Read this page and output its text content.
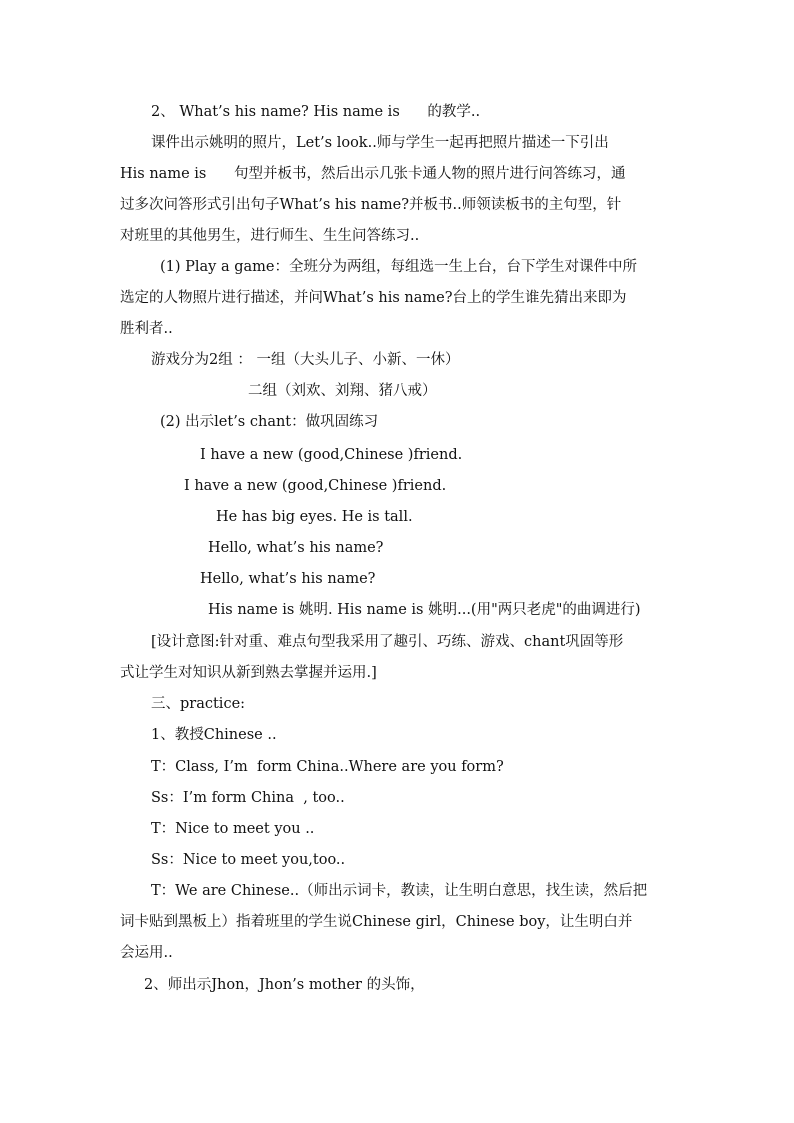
2、 What’s his name? His name is      的教学..

课件出示姚明的照片，Let’s look..师与学生一起再把照片描述一下引出

His name is      句型并板书，然后出示几张卡通人物的照片进行问答练习，通

过多次问答形式引出句子What’s his name?并板书..师领读板书的主句型，针

对班里的其他男生，进行师生、生生问答练习..

(1) Play a game：全班分为两组，每组选一生上台，台下学生对课件中所

选定的人物照片进行描述，并问What’s his name?台上的学生谁先猜出来即为

胜利者..

游戏分为2组 ： 一组（大头儿子、小新、一休）

二组（刘欢、刘翔、猪八戒）

(2) 出示let’s chant：做巩固练习

I have a new (good,Chinese )friend.

I have a new (good,Chinese )friend.

He has big eyes. He is tall.

Hello, what’s his name?

Hello, what’s his name?

His name is 姚明. His name is 姚明...(用"两只老虎"的曲调进行)

[设计意图:针对重、难点句型我采用了趣引、巧练、游戏、chant巩固等形

式让学生对知识从新到熟去掌握并运用.]

三、practice:

1、教授Chinese ..

T：Class, I’m  form China..Where are you form?

Ss：I’m form China  , too..

T：Nice to meet you ..

Ss：Nice to meet you,too..

T：We are Chinese..（师出示词卡，教读，让生明白意思，找生读，然后把

词卡贴到黑板上）指着班里的学生说Chinese girl，Chinese boy，让生明白并

会运用..

2、师出示Jhon，Jhon’s mother 的头饰，
